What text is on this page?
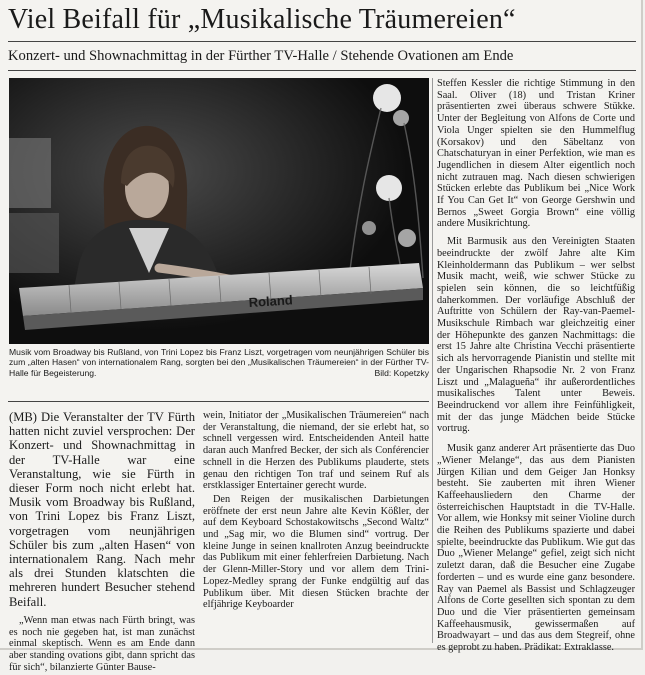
Viel Beifall für „Musikalische Träumereien“
Konzert- und Shownachmittag in der Fürther TV-Halle / Stehende Ovationen am Ende
Roland
Musik vom Broadway bis Rußland, von Trini Lopez bis Franz Liszt, vorgetragen vom neunjährigen Schüler bis zum „alten Hasen“ von internationalem Rang, sorgten bei den „Musikalischen Träumereien“ in der Fürther TV-Halle für Begeisterung.	Bild: Kopetzky

(MB) Die Veranstalter der TV Fürth hatten nicht zuviel versprochen: Der Konzert- und Shownachmittag in der TV-Halle war eine Veranstaltung, wie sie Fürth in dieser Form noch nicht erlebt hat. Musik vom Broadway bis Rußland, von Trini Lopez bis Franz Liszt, vorgetragen vom neunjährigen Schüler bis zum „alten Hasen“ von internationalem Rang. Nach mehr als drei Stunden klatschten die mehreren hundert Besucher stehend Beifall.

„Wenn man etwas nach Fürth bringt, was es noch nie gegeben hat, ist man zunächst einmal skeptisch. Wenn es am Ende dann aber standing ovations gibt, dann spricht das für sich“, bilanzierte Günter Bause-

wein, Initiator der „Musikalischen Träumereien“ nach der Veranstaltung, die niemand, der sie erlebt hat, so schnell vergessen wird. Entscheidenden Anteil hatte daran auch Manfred Becker, der sich als Conférencier schnell in die Herzen des Publikums plauderte, stets genau den richtigen Ton traf und seinem Ruf als erstklassiger Entertainer gerecht wurde.

Den Reigen der musikalischen Darbietungen eröffnete der erst neun Jahre alte Kevin Kößler, der auf dem Keyboard Schostakowitschs „Second Waltz“ und „Sag mir, wo die Blumen sind“ vortrug. Der kleine Junge in seinen knallroten Anzug beeindruckte das Publikum mit einer fehlerfreien Darbietung. Nach der Glenn-Miller-Story und vor allem dem Trini-Lopez-Medley sprang der Funke endgültig auf das Publikum über. Mit diesen Stücken brachte der elfjährige Keyboarder

Steffen Kessler die richtige Stimmung in den Saal. Oliver (18) und Tristan Kriner präsentierten zwei überaus schwere Stükke. Unter der Begleitung von Alfons de Corte und Viola Unger spielten sie den Hummelflug (Korsakov) und den Säbeltanz von Chatschaturyan in einer Perfektion, wie man es Jugendlichen in diesem Alter eigentlich noch nicht zutrauen mag. Nach diesen schwierigen Stücken erlebte das Publikum bei „Nice Work If You Can Get It“ von George Gershwin und Bernos „Sweet Gorgia Brown“ eine völlig andere Musikrichtung.

Mit Barmusik aus den Vereinigten Staaten beeindruckte der zwölf Jahre alte Kim Kleinholdermann das Publikum – wer selbst Musik macht, weiß, wie schwer Stücke zu spielen sein können, die so leichtfüßig daherkommen. Der vorläufige Abschluß der Auftritte von Schülern der Ray-van-Paemel-Musikschule Rimbach war gleichzeitig einer der Höhepunkte des ganzen Nachmittags: die erst 15 Jahre alte Christina Vecchi präsentierte sich als hervorragende Pianistin und stellte mit der Ungarischen Rhapsodie Nr. 2 von Franz Liszt und „Malagueña“ ihr außerordentliches musikalisches Talent unter Beweis. Beeindruckend vor allem ihre Feinfühligkeit, mit der das junge Mädchen beide Stücke vortrug.

Musik ganz anderer Art präsentierte das Duo „Wiener Melange“, das aus dem Pianisten Jürgen Kilian und dem Geiger Jan Honksy besteht. Sie zauberten mit ihren Wiener Kaffeehausliedern den Charme der österreichischen Hauptstadt in die TV-Halle. Vor allem, wie Honksy mit seiner Violine durch die Reihen des Publikums spazierte und dabei spielte, beeindruckte das Publikum. Wie gut das Duo „Wiener Melange“ gefiel, zeigt sich nicht zuletzt daran, daß die Besucher eine Zugabe forderten – und es wurde eine ganz besondere. Ray van Paemel als Bassist und Schlagzeuger Alfons de Corte gesellten sich spontan zu dem Duo und die Vier präsentierten gemeinsam Kaffeehausmusik, gewissermaßen auf Broadwayart – und das aus dem Stegreif, ohne es geprobt zu haben. Prädikat: Extraklasse.
